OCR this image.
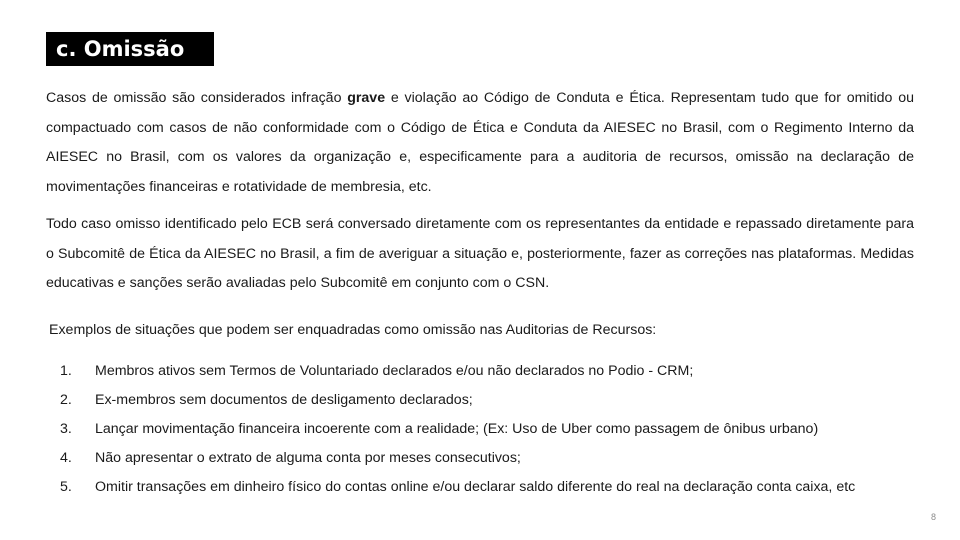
c. Omissão

Casos de omissão são considerados infração grave e violação ao Código de Conduta e Ética. Representam tudo que for omitido ou compactuado com casos de não conformidade com o Código de Ética e Conduta da AIESEC no Brasil, com o Regimento Interno da AIESEC no Brasil, com os valores da organização e, especificamente para a auditoria de recursos, omissão na declaração de movimentações financeiras e rotatividade de membresia, etc.

Todo caso omisso identificado pelo ECB será conversado diretamente com os representantes da entidade e repassado diretamente para o Subcomitê de Ética da AIESEC no Brasil, a fim de averiguar a situação e, posteriormente, fazer as correções nas plataformas. Medidas educativas e sanções serão avaliadas pelo Subcomitê em conjunto com o CSN.

Exemplos de situações que podem ser enquadradas como omissão nas Auditorias de Recursos:
1. Membros ativos sem Termos de Voluntariado declarados e/ou não declarados no Podio - CRM;
2. Ex-membros sem documentos de desligamento declarados;
3. Lançar movimentação financeira incoerente com a realidade; (Ex: Uso de Uber como passagem de ônibus urbano)
4. Não apresentar o extrato de alguma conta por meses consecutivos;
5. Omitir transações em dinheiro físico do contas online e/ou declarar saldo diferente do real na declaração conta caixa, etc
8
